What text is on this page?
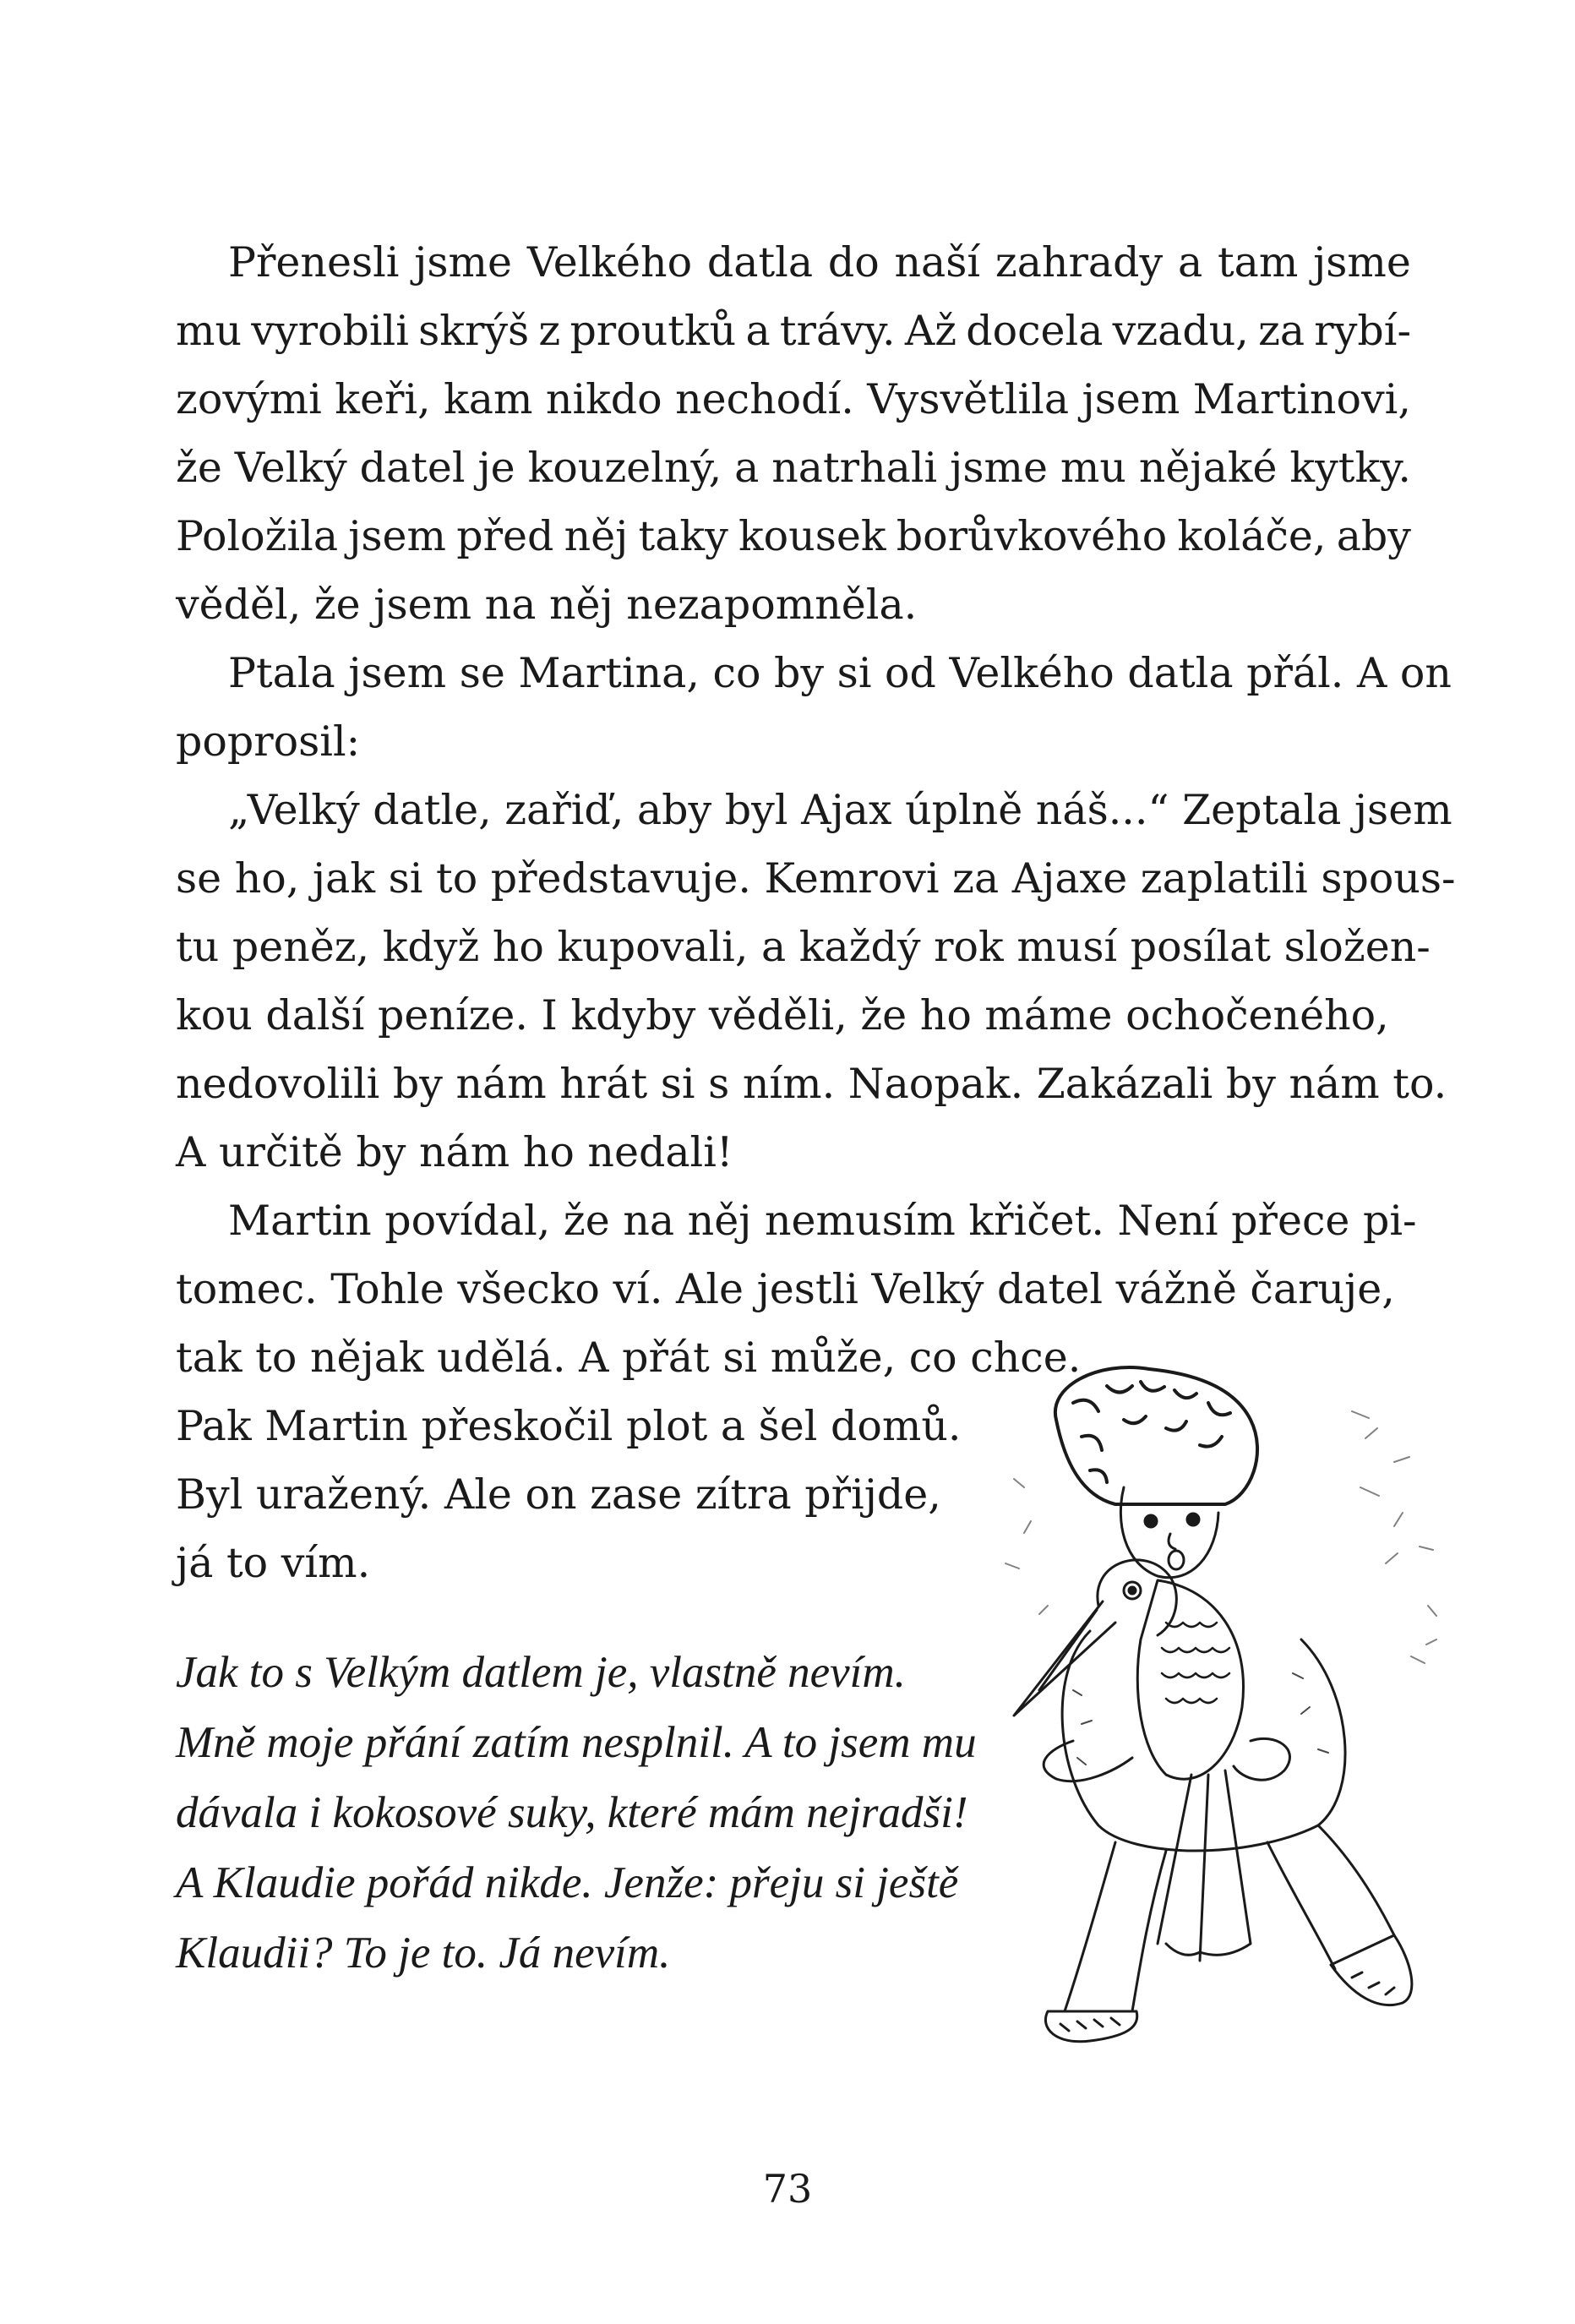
Přenesli jsme Velkého datla do naší zahrady a tam jsme
mu vyrobili skrýš z proutků a trávy. Až docela vzadu, za rybí-
zovými keři, kam nikdo nechodí. Vysvětlila jsem Martinovi,
že Velký datel je kouzelný, a natrhali jsme mu nějaké kytky.
Položila jsem před něj taky kousek borůvkového koláče, aby
věděl, že jsem na něj nezapomněla.
Ptala jsem se Martina, co by si od Velkého datla přál. A on
poprosil:
„Velký datle, zařiď, aby byl Ajax úplně náš...“ Zeptala jsem
se ho, jak si to představuje. Kemrovi za Ajaxe zaplatili spous-
tu peněz, když ho kupovali, a každý rok musí posílat složen-
kou další peníze. I kdyby věděli, že ho máme ochočeného,
nedovolili by nám hrát si s ním. Naopak. Zakázali by nám to.
A určitě by nám ho nedali!
Martin povídal, že na něj nemusím křičet. Není přece pi-
tomec. Tohle všecko ví. Ale jestli Velký datel vážně čaruje,
tak to nějak udělá. A přát si může, co chce.
Pak Martin přeskočil plot a šel domů.
Byl uražený. Ale on zase zítra přijde,
já to vím.
Jak to s Velkým datlem je, vlastně nevím.
Mně moje přání zatím nesplnil. A to jsem mu
dávala i kokosové suky, které mám nejradši!
A Klaudie pořád nikde. Jenže: přeju si ještě
Klaudii? To je to. Já nevím.
73
